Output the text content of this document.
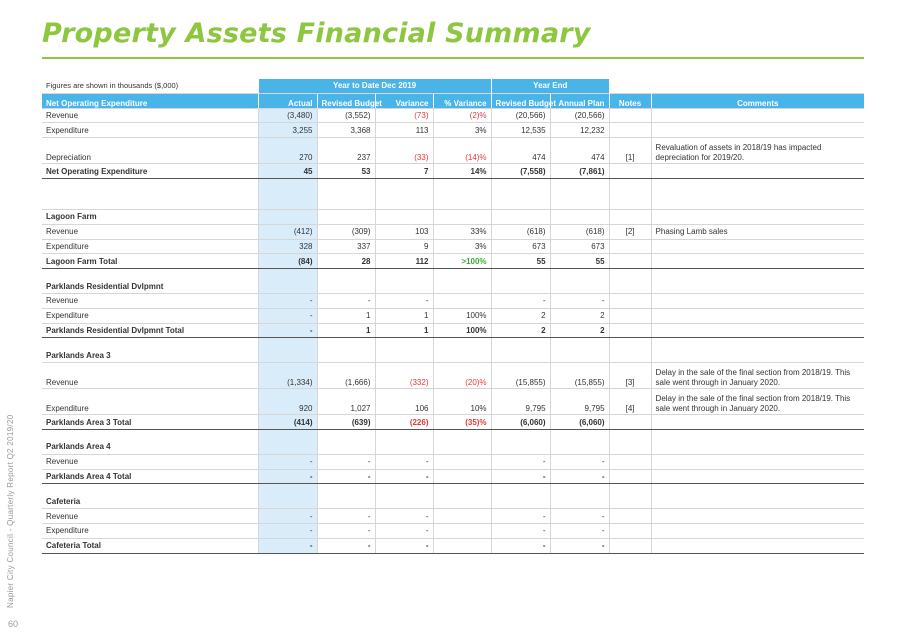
Property Assets Financial Summary
Napier City Council - Quarterly Report Q2 2019/20
60
Figures are shown in thousands ($,000)	Year to Date Dec 2019				Year End			
Net Operating Expenditure	Actual	Revised Budget	Variance	% Variance	Revised Budget	Annual Plan	Notes	Comments
Revenue	(3,480)	(3,552)	(73)	(2)%	(20,566)	(20,566)		
Expenditure	3,255	3,368	113	3%	12,535	12,232		
Depreciation	270	237	(33)	(14)%	474	474	[1]	Revaluation of assets in 2018/19 has impacted depreciation for 2019/20.
Net Operating Expenditure	45	53	7	14%	(7,558)	(7,861)		

Lagoon Farm								
Revenue	(412)	(309)	103	33%	(618)	(618)	[2]	Phasing Lamb sales
Expenditure	328	337	9	3%	673	673		
Lagoon Farm Total	(84)	28	112	>100%	55	55		

Parklands Residential Dvlpmnt								
Revenue	-	-	-		-	-		
Expenditure	-	1	1	100%	2	2		
Parklands Residential Dvlpmnt Total	-	1	1	100%	2	2		

Parklands Area 3								
Revenue	(1,334)	(1,666)	(332)	(20)%	(15,855)	(15,855)	[3]	Delay in the sale of the final section from 2018/19. This sale went through in January 2020.
Expenditure	920	1,027	106	10%	9,795	9,795	[4]	Delay in the sale of the final section from 2018/19. This sale went through in January 2020.
Parklands Area 3 Total	(414)	(639)	(226)	(35)%	(6,060)	(6,060)		

Parklands Area 4								
Revenue	-	-	-		-	-		
Parklands Area 4 Total	-	-	-		-	-		

Cafeteria								
Revenue	-	-	-		-	-		
Expenditure	-	-	-		-	-		
Cafeteria Total	-	-	-		-	-		
